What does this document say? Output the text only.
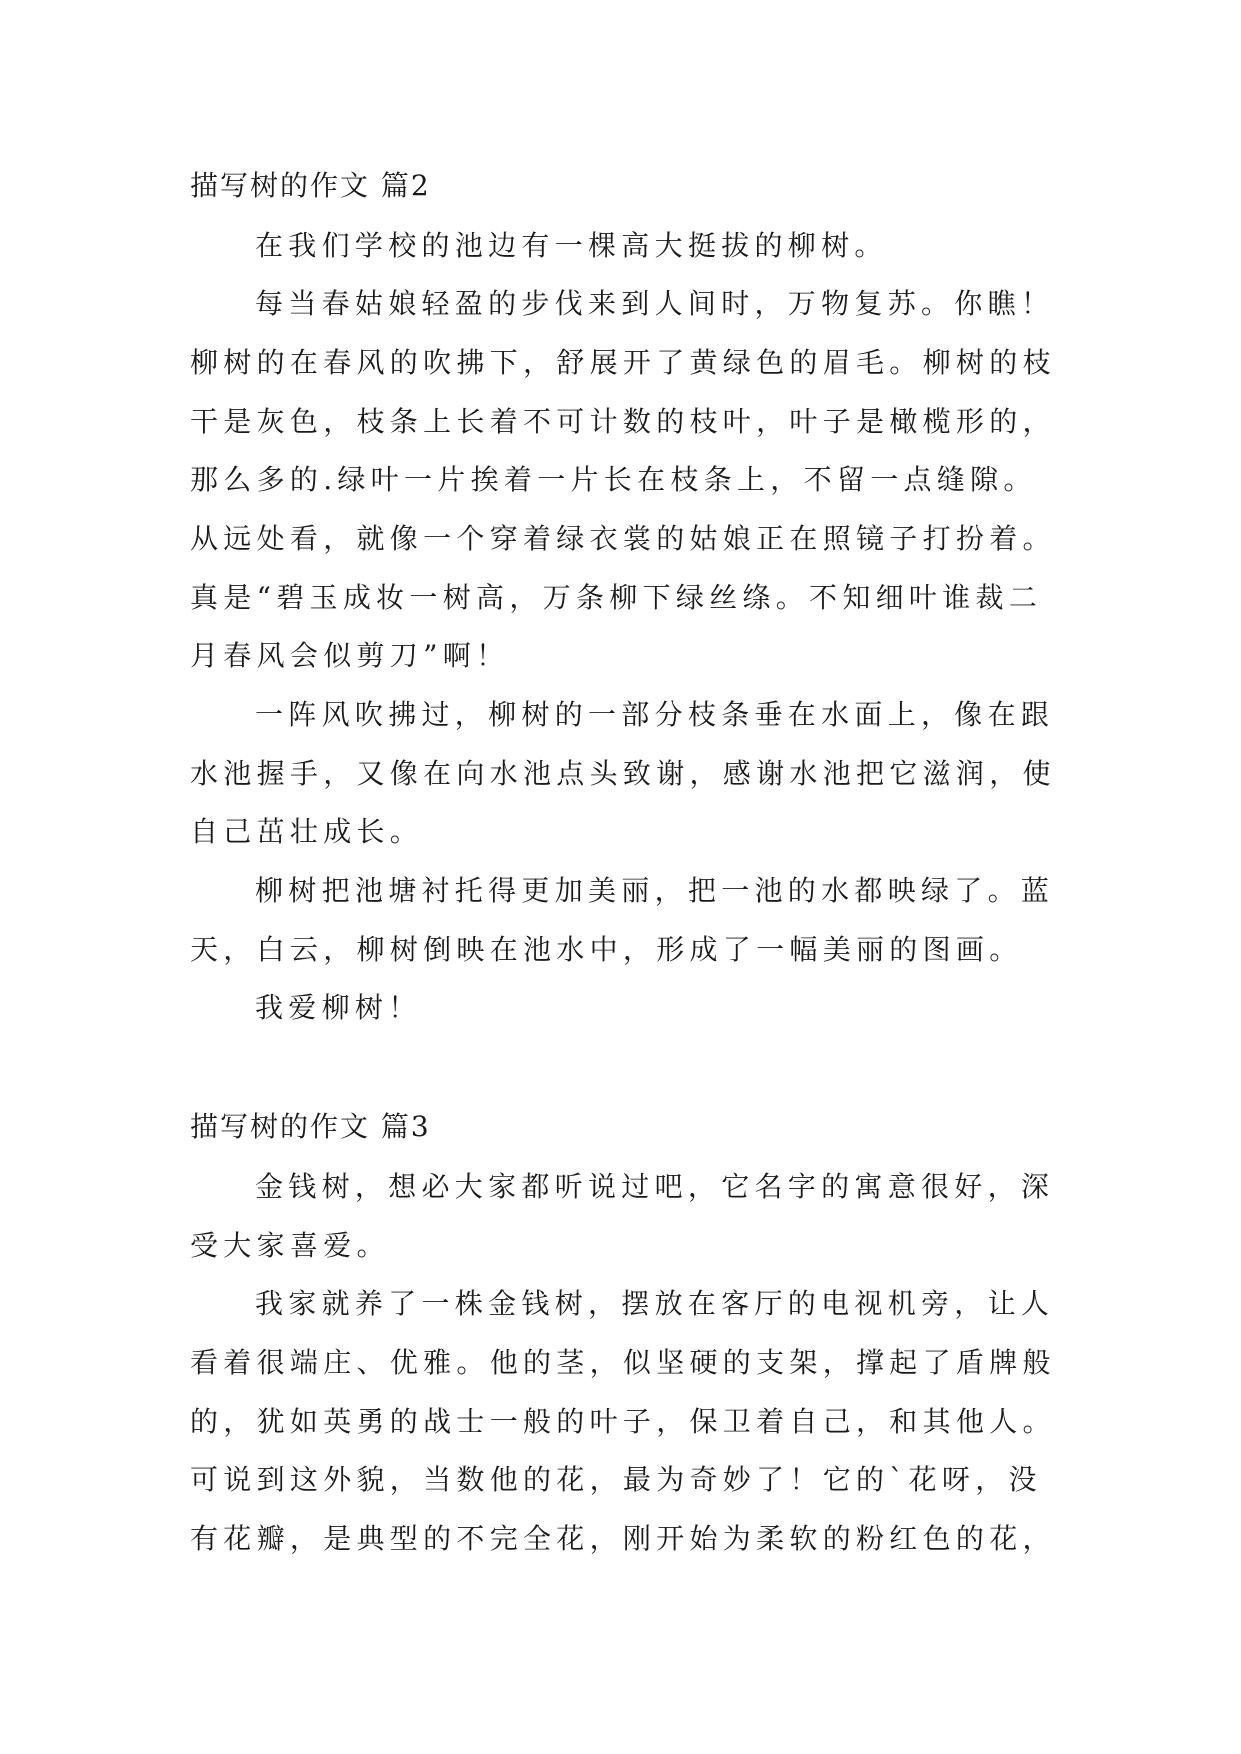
描写树的作文 篇2
在我们学校的池边有一棵高大挺拔的柳树。
每当春姑娘轻盈的步伐来到人间时，万物复苏。你瞧！
柳树的在春风的吹拂下，舒展开了黄绿色的眉毛。柳树的枝
干是灰色，枝条上长着不可计数的枝叶，叶子是橄榄形的，
那么多的.绿叶一片挨着一片长在枝条上，不留一点缝隙。
从远处看，就像一个穿着绿衣裳的姑娘正在照镜子打扮着。
真是“碧玉成妆一树高，万条柳下绿丝绦。不知细叶谁裁二
月春风会似剪刀”啊！
一阵风吹拂过，柳树的一部分枝条垂在水面上，像在跟
水池握手，又像在向水池点头致谢，感谢水池把它滋润，使
自己茁壮成长。
柳树把池塘衬托得更加美丽，把一池的水都映绿了。蓝
天，白云，柳树倒映在池水中，形成了一幅美丽的图画。
我爱柳树！
描写树的作文 篇3
金钱树，想必大家都听说过吧，它名字的寓意很好，深
受大家喜爱。
我家就养了一株金钱树，摆放在客厅的电视机旁，让人
看着很端庄、优雅。他的茎，似坚硬的支架，撑起了盾牌般
的，犹如英勇的战士一般的叶子，保卫着自己，和其他人。
可说到这外貌，当数他的花，最为奇妙了！它的`花呀，没
有花瓣，是典型的不完全花，刚开始为柔软的粉红色的花，
